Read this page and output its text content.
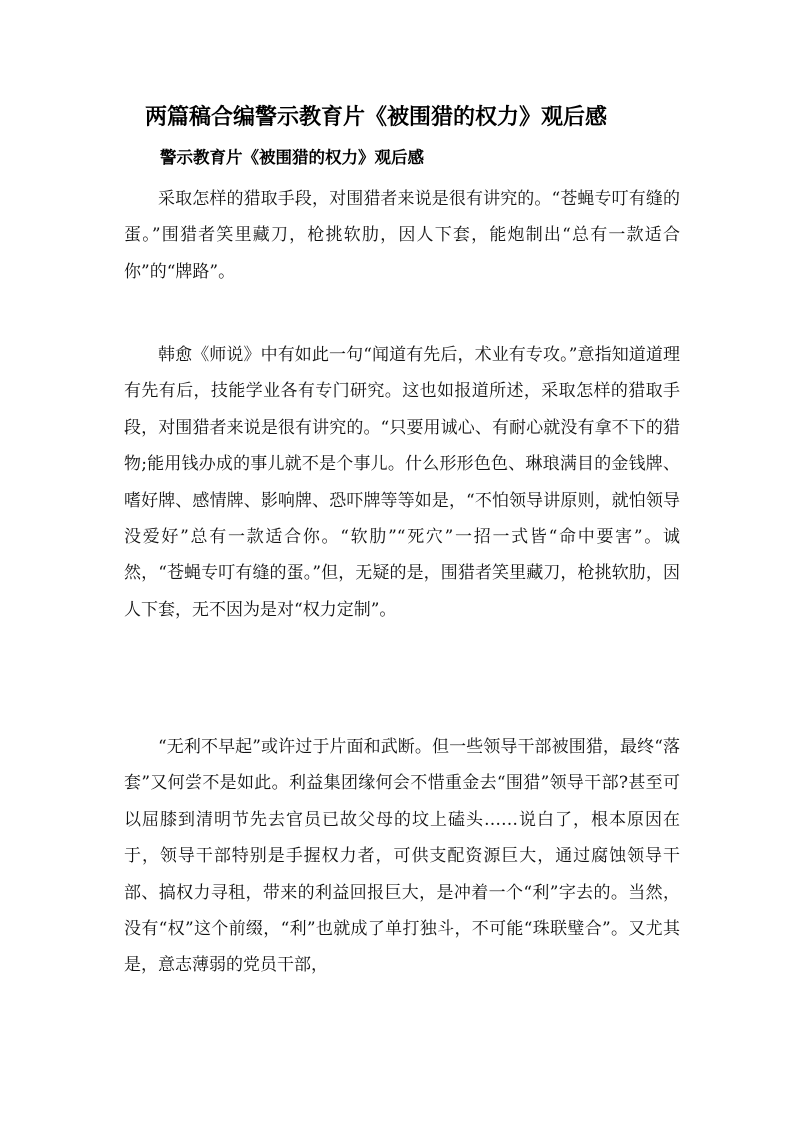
两篇稿合编警示教育片《被围猎的权力》观后感
警示教育片《被围猎的权力》观后感

采取怎样的猎取手段，对围猎者来说是很有讲究的。“苍蝇专叮有缝的蛋。”围猎者笑里藏刀，枪挑软肋，因人下套，能炮制出“总有一款适合你”的“牌路”。

韩愈《师说》中有如此一句“闻道有先后，术业有专攻。”意指知道道理有先有后，技能学业各有专门研究。这也如报道所述，采取怎样的猎取手段，对围猎者来说是很有讲究的。“只要用诚心、有耐心就没有拿不下的猎物;能用钱办成的事儿就不是个事儿。什么形形色色、琳琅满目的金钱牌、嗜好牌、感情牌、影响牌、恐吓牌等等如是，“不怕领导讲原则，就怕领导没爱好”总有一款适合你。“软肋”“死穴”一招一式皆“命中要害”。诚然，“苍蝇专叮有缝的蛋。”但，无疑的是，围猎者笑里藏刀，枪挑软肋，因人下套，无不因为是对“权力定制”。

“无利不早起”或许过于片面和武断。但一些领导干部被围猎，最终“落套”又何尝不是如此。利益集团缘何会不惜重金去“围猎”领导干部?甚至可以屈膝到清明节先去官员已故父母的坟上磕头……说白了，根本原因在于，领导干部特别是手握权力者，可供支配资源巨大，通过腐蚀领导干部、搞权力寻租，带来的利益回报巨大，是冲着一个“利”字去的。当然，没有“权”这个前缀，“利”也就成了单打独斗，不可能“珠联璧合”。又尤其是，意志薄弱的党员干部，
